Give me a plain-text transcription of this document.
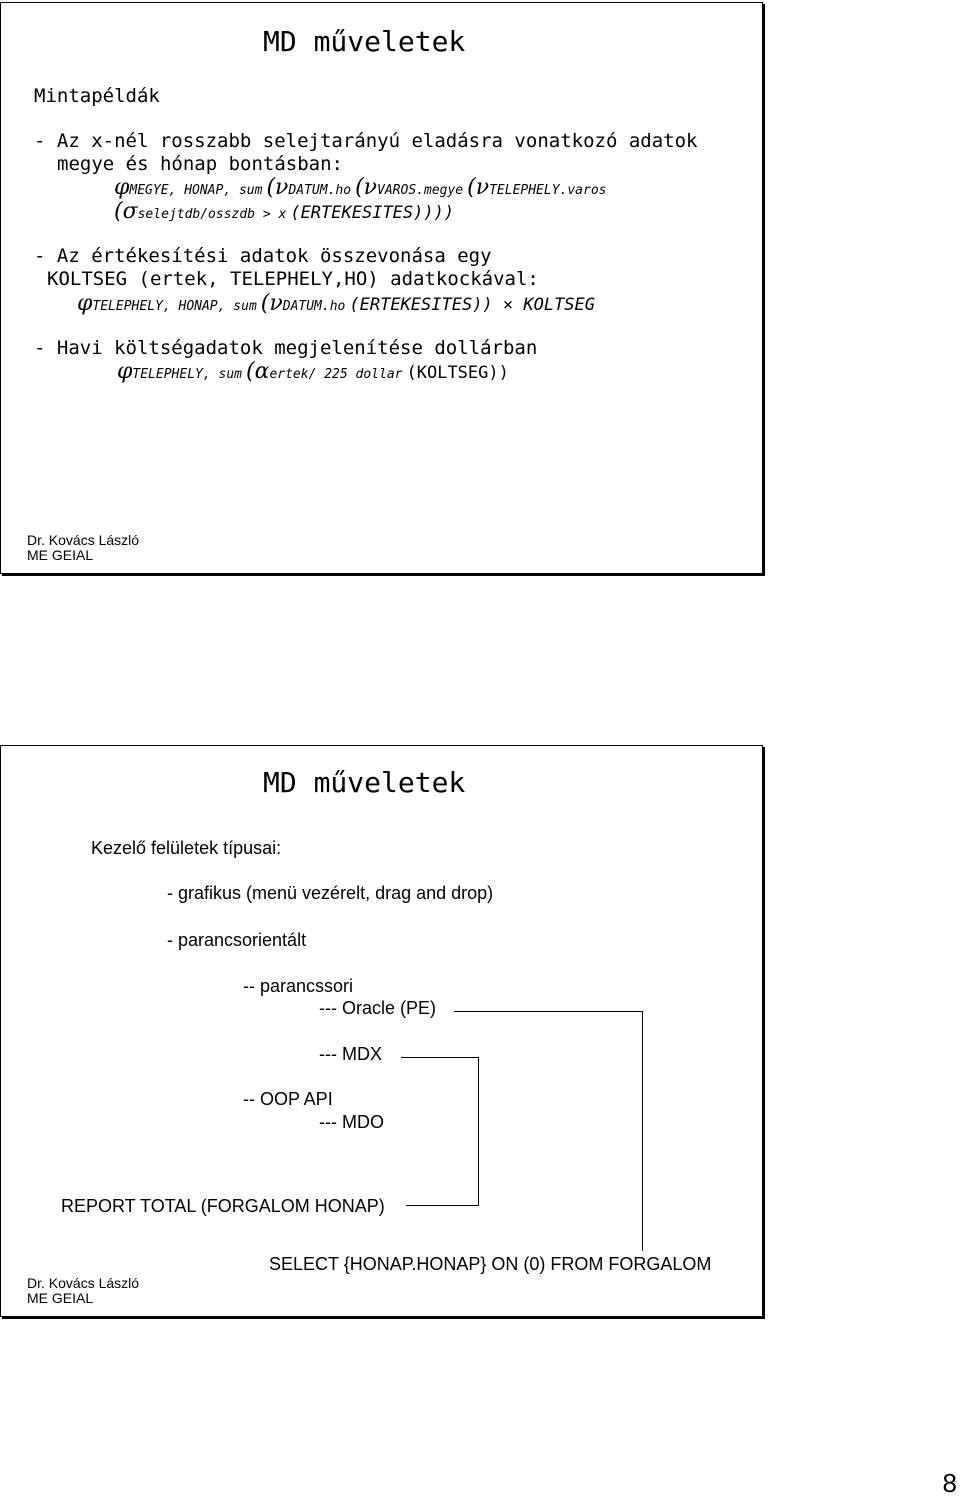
MD műveletek
Mintapéldák
- Az x-nél rosszabb selejtarányú eladásra vonatkozó adatok
megye és hónap bontásban:
φMEGYE, HONAP, sum (νDATUM.ho (νVAROS.megye (νTELEPHELY.varos
(σselejtdb/osszdb > x (ERTEKESITES))))
- Az értékesítési adatok összevonása egy
KOLTSEG (ertek, TELEPHELY,HO) adatkockával:
φTELEPHELY, HONAP, sum (νDATUM.ho (ERTEKESITES)) × KOLTSEG
- Havi költségadatok megjelenítése dollárban
φTELEPHELY, sum (αertek/ 225 dollar (KOLTSEG))
Dr. Kovács László
ME GEIAL
MD műveletek
Kezelő felületek típusai:
- grafikus (menü vezérelt, drag and drop)
- parancsorientált
-- parancssori
--- Oracle (PE)
--- MDX
-- OOP API
--- MDO
REPORT TOTAL (FORGALOM HONAP)
Dr. Kovács László
ME GEIAL
SELECT {HONAP.HONAP} ON (0) FROM FORGALOM
8
